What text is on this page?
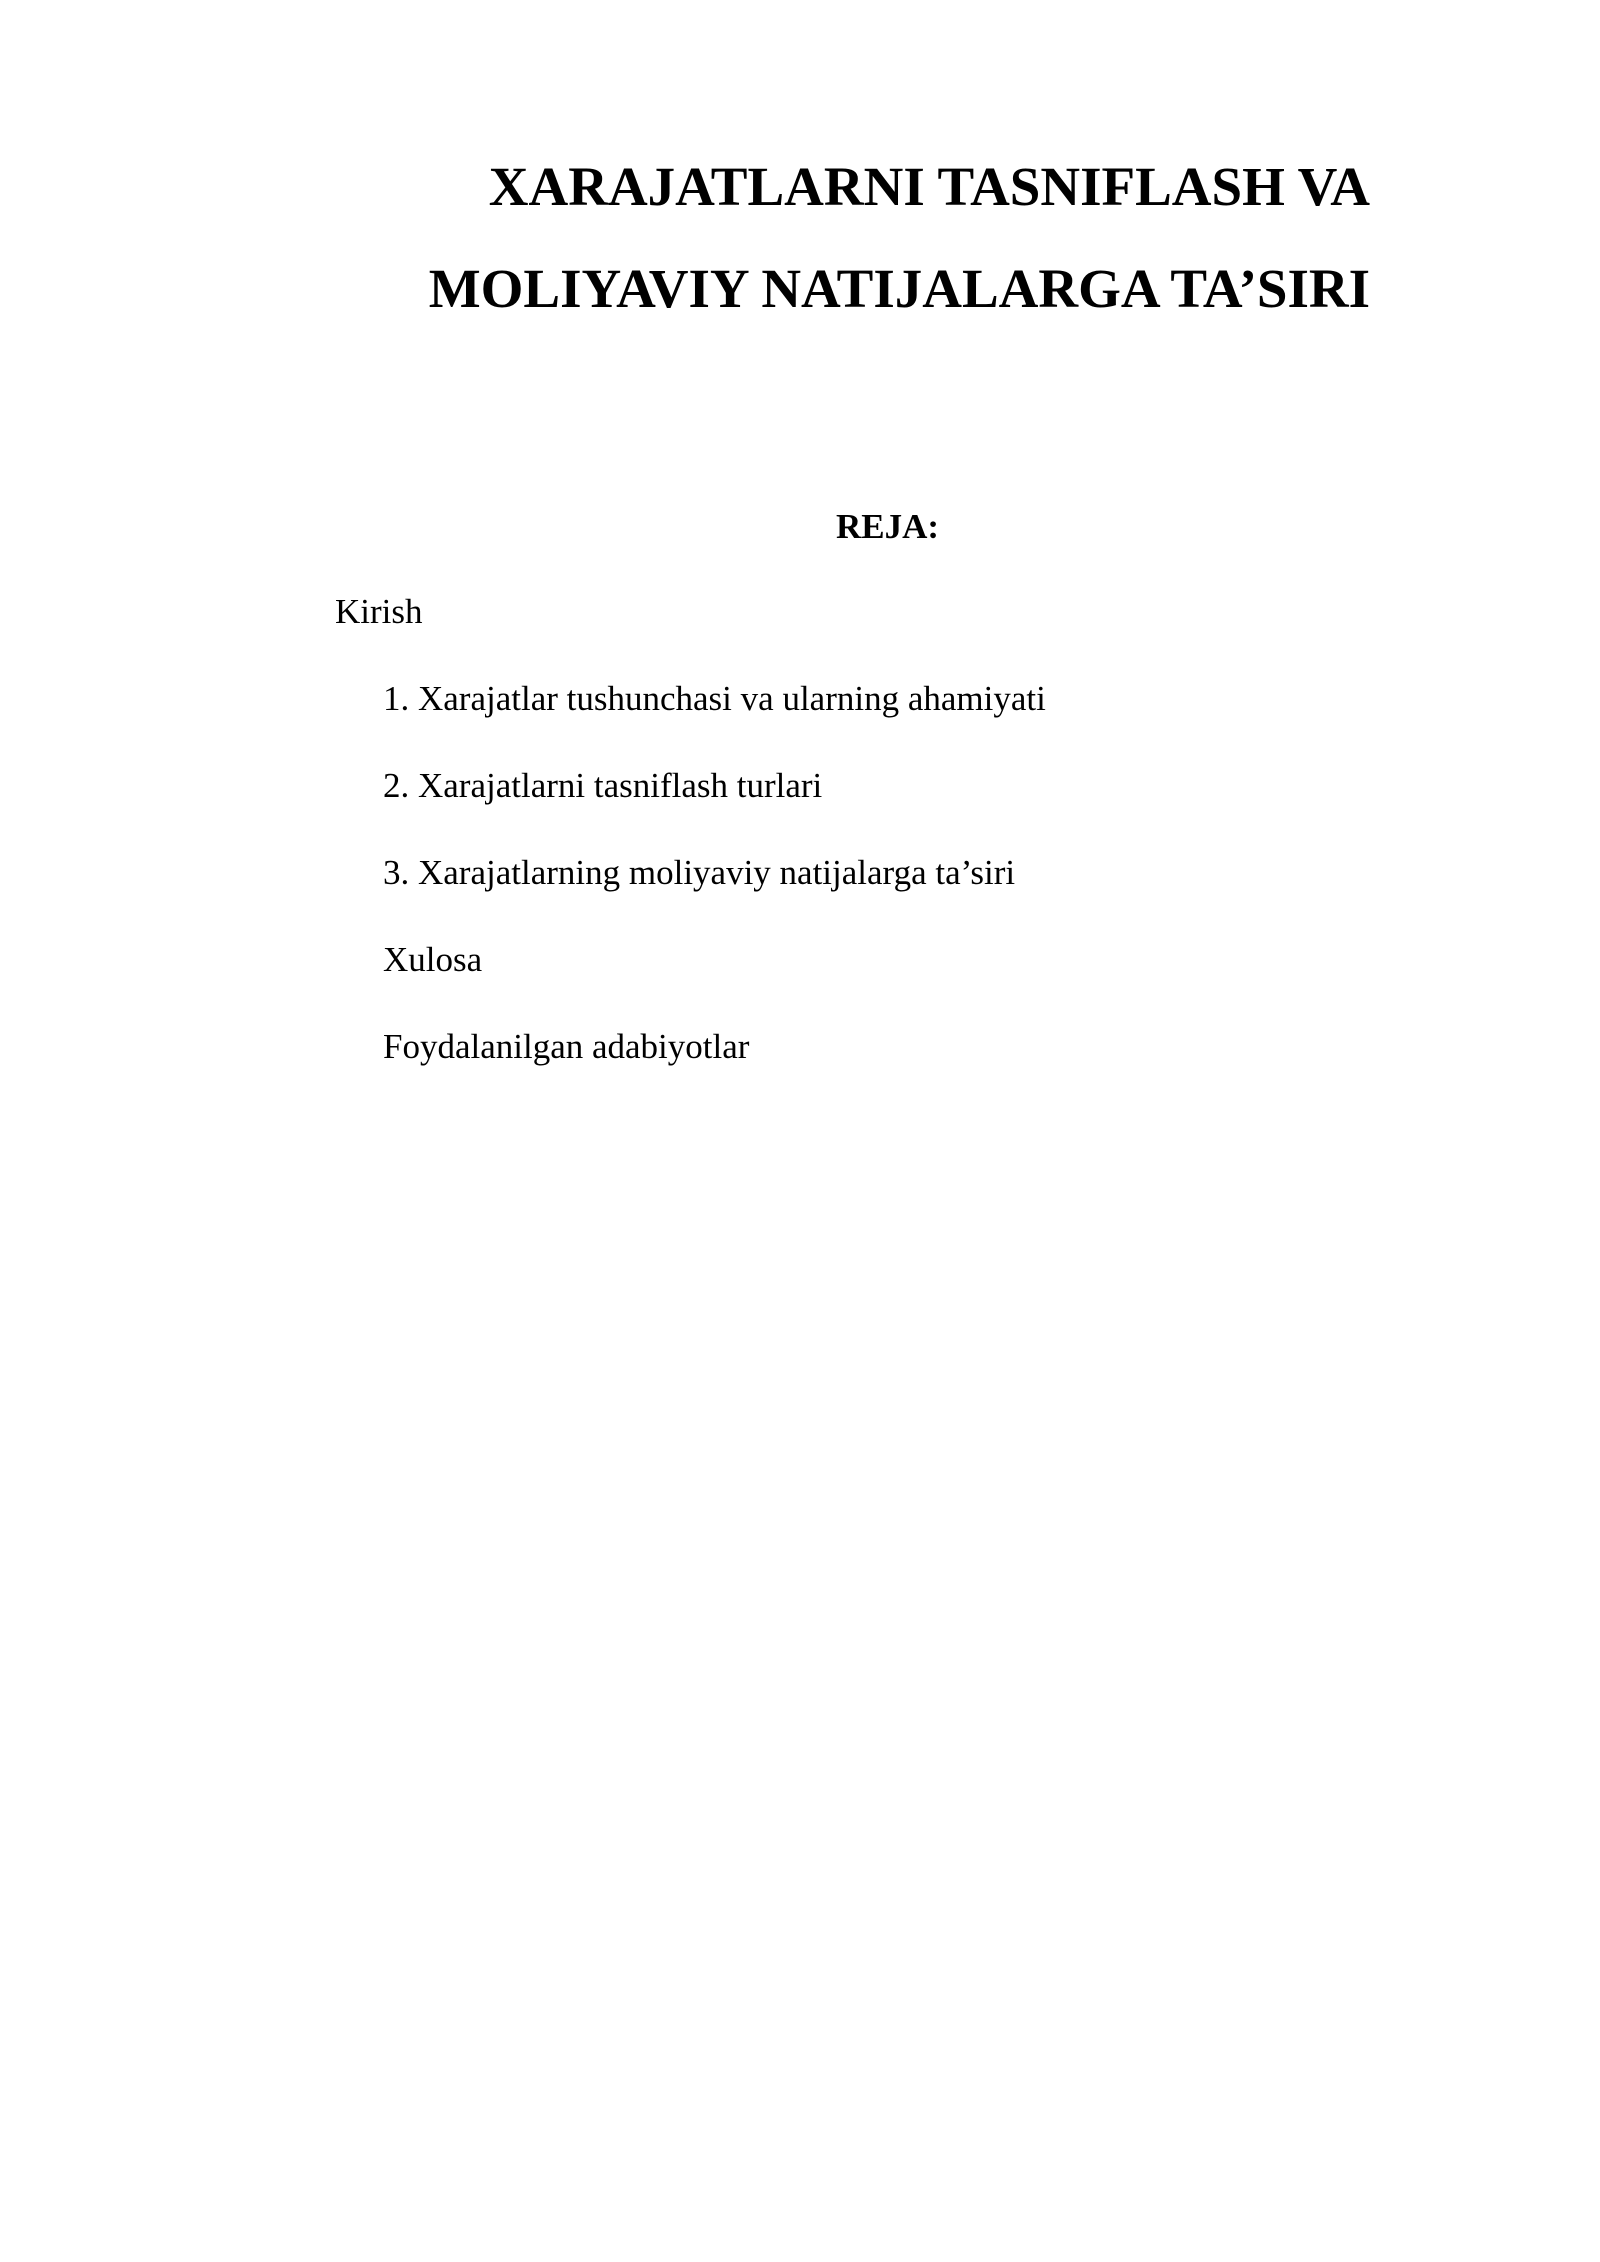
XARAJATLARNI TASNIFLASH VA
MOLIYAVIY NATIJALARGA TA’SIRI
REJA:

Kirish

1. Xarajatlar tushunchasi va ularning ahamiyati

2. Xarajatlarni tasniflash turlari

3. Xarajatlarning moliyaviy natijalarga ta’siri

Xulosa

Foydalanilgan adabiyotlar
